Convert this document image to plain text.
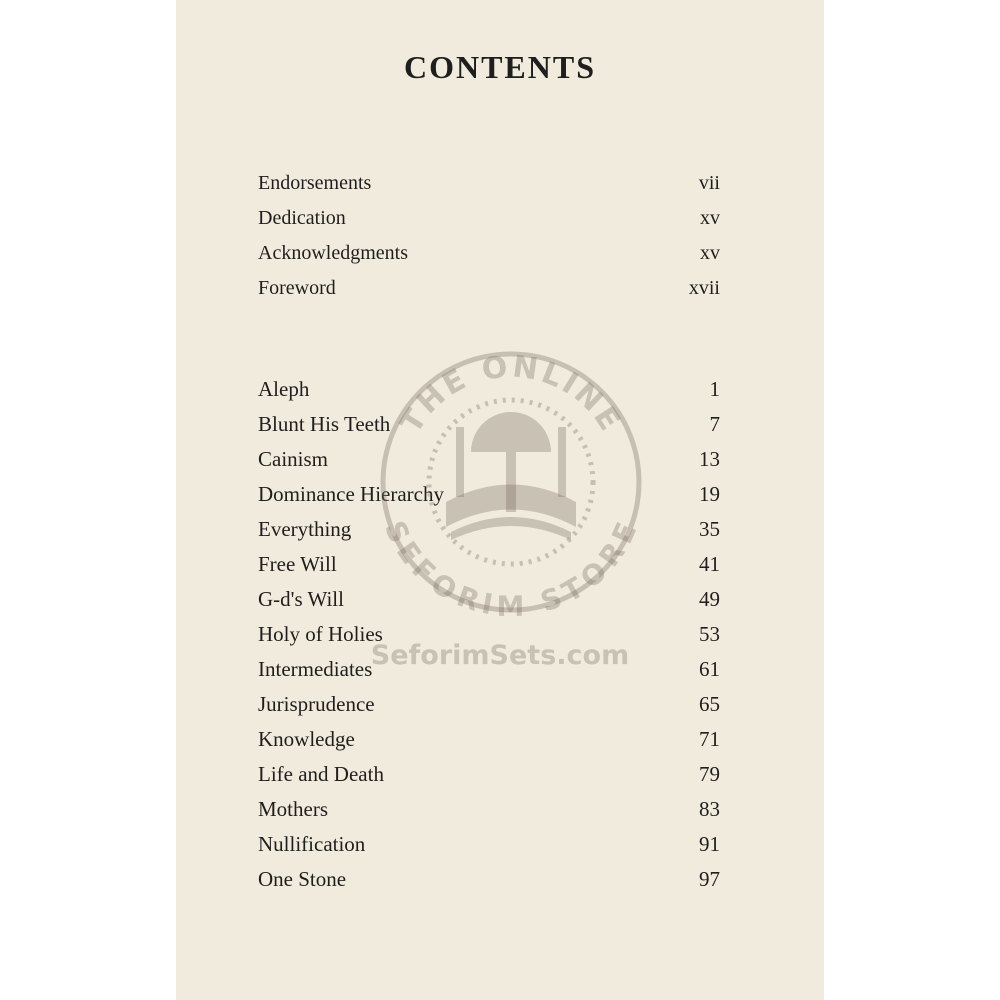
CONTENTS
Endorsements	vii
Dedication	xv
Acknowledgments	xv
Foreword	xvii
Aleph	1
Blunt His Teeth	7
Cainism	13
Dominance Hierarchy	19
Everything	35
Free Will	41
G-d's Will	49
Holy of Holies	53
Intermediates	61
Jurisprudence	65
Knowledge	71
Life and Death	79
Mothers	83
Nullification	91
One Stone	97
THE ONLINE
SEFORIM STORE
SeforimSets.com
